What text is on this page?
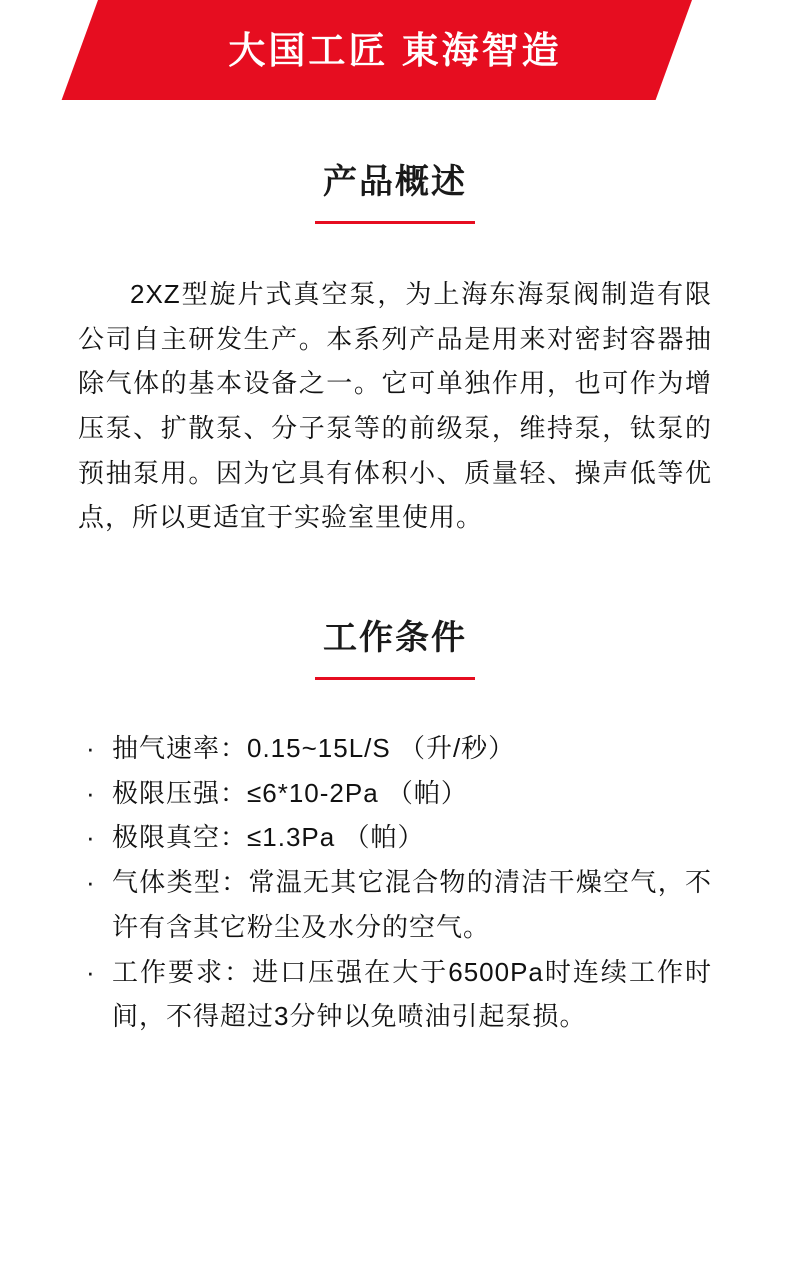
大国工匠 東海智造
产品概述

2XZ型旋片式真空泵，为上海东海泵阀制造有限公司自主研发生产。本系列产品是用来对密封容器抽除气体的基本设备之一。它可单独作用，也可作为增压泵、扩散泵、分子泵等的前级泵，维持泵，钛泵的预抽泵用。因为它具有体积小、质量轻、操声低等优点，所以更适宜于实验室里使用。

工作条件
· 抽气速率：0.15~15L/S （升/秒）
· 极限压强：≤6*10-2Pa （帕）
· 极限真空：≤1.3Pa （帕）
· 气体类型：常温无其它混合物的清洁干燥空气，不许有含其它粉尘及水分的空气。
· 工作要求：进口压强在大于6500Pa时连续工作时间，不得超过3分钟以免喷油引起泵损。
